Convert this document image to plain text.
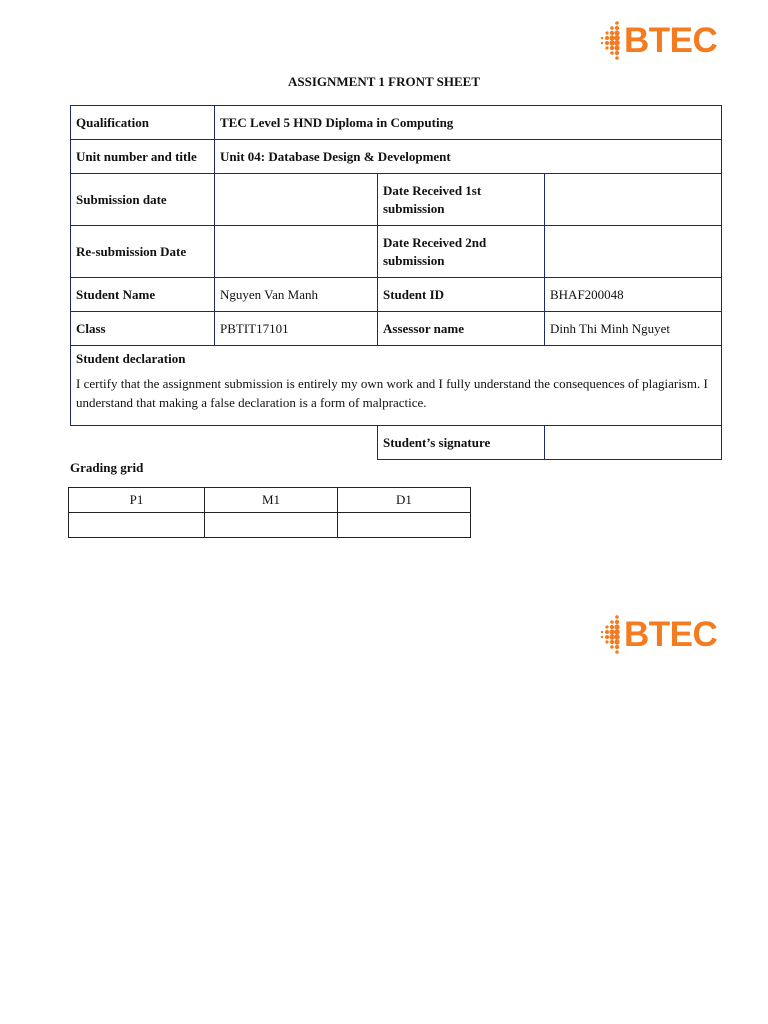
BTEC
ASSIGNMENT 1 FRONT SHEET
Qualification	TEC Level 5 HND Diploma in Computing		
Unit number and title	Unit 04: Database Design & Development		
Submission date		Date Received 1st submission	
Re-submission Date		Date Received 2nd submission	
Student Name	Nguyen Van Manh	Student ID	BHAF200048
Class	PBTIT17101	Assessor name	Dinh Thi Minh Nguyet

Student declaration
I certify that the assignment submission is entirely my own work and I fully understand the consequences of plagiarism. I understand that making a false declaration is a form of malpractice.			

		Student’s signature	
Grading grid
P1	M1	D1

BTEC
